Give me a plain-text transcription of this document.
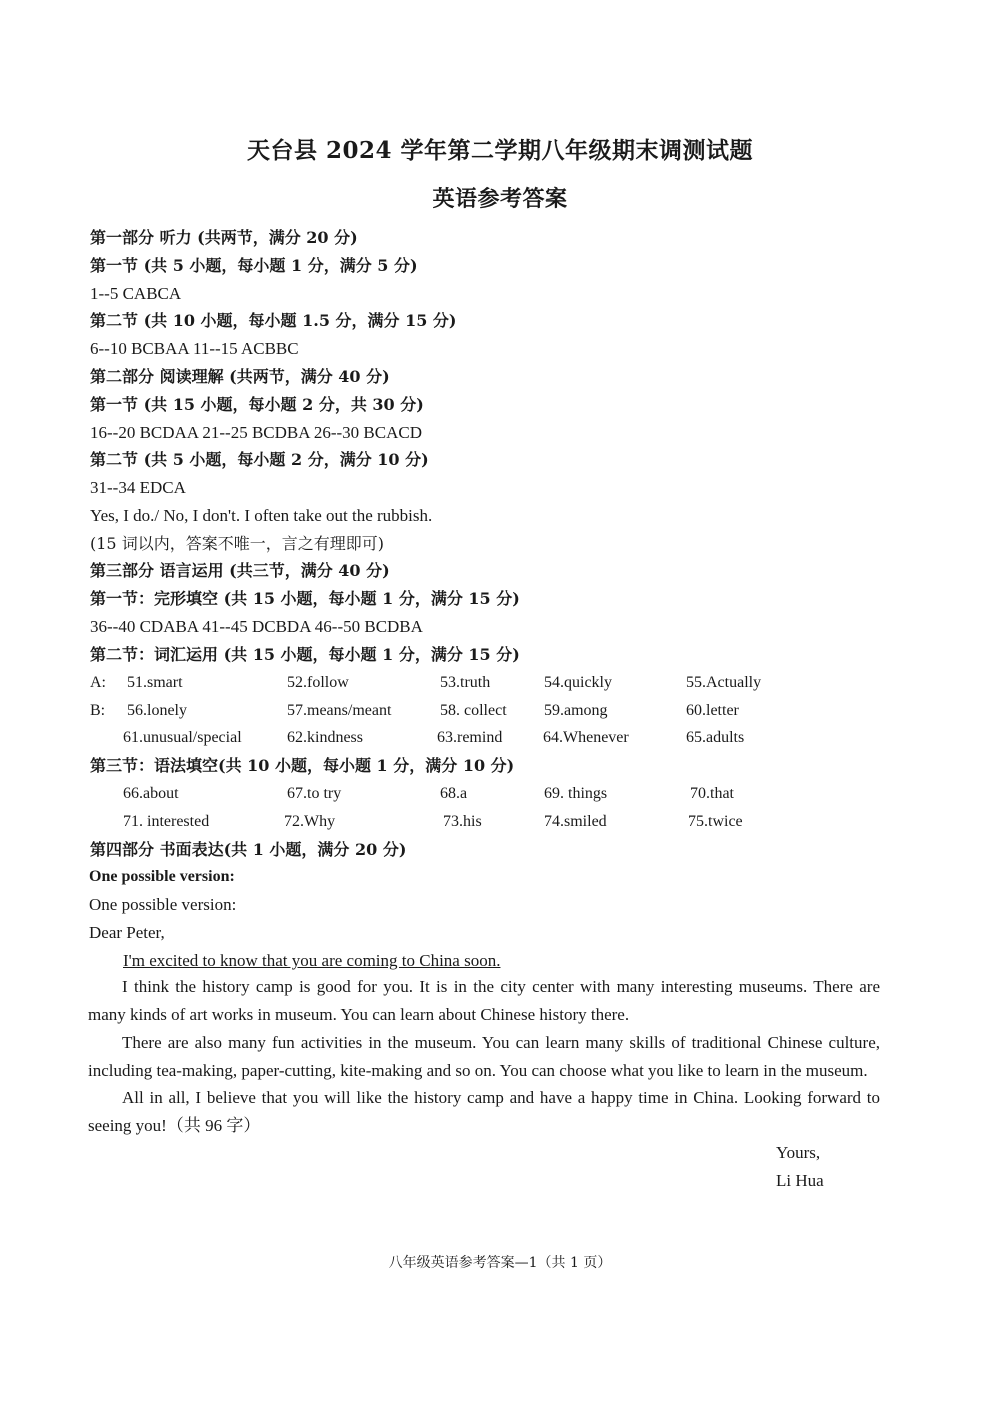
天台县 2024 学年第二学期八年级期末调测试题
英语参考答案
第一部分 听力 (共两节，满分 20 分)
第一节 (共 5 小题，每小题 1 分，满分 5 分)
1--5 CABCA
第二节 (共 10 小题，每小题 1.5 分，满分 15 分)
6--10 BCBAA 11--15 ACBBC
第二部分 阅读理解 (共两节，满分 40 分)
第一节 (共 15 小题，每小题 2 分，共 30 分)
16--20 BCDAA 21--25 BCDBA 26--30 BCACD
第二节 (共 5 小题，每小题 2 分，满分 10 分)
31--34 EDCA
Yes, I do./ No, I don't. I often take out the rubbish.
(15 词以内，答案不唯一，言之有理即可)
第三部分 语言运用 (共三节，满分 40 分)
第一节：完形填空 (共 15 小题，每小题 1 分，满分 15 分)
36--40 CDABA 41--45 DCBDA 46--50 BCDBA
第二节：词汇运用 (共 15 小题，每小题 1 分，满分 15 分)
A: 51.smart	52.follow	53.truth	54.quickly	55.Actually
B: 56.lonely	57.means/meant	58. collect 59.among	60.letter
61.unusual/special	62.kindness	63.remind	64.Whenever	65.adults
第三节：语法填空(共 10 小题，每小题 1 分，满分 10 分)
66.about	67.to try	68.a	69. things	70.that
71. interested	72.Why	73.his	74.smiled	75.twice
第四部分 书面表达(共 1 小题，满分 20 分)
One possible version:
One possible version:
Dear Peter,
I'm excited to know that you are coming to China soon.
I think the history camp is good for you. It is in the city center with many interesting museums. There are many kinds of art works in museum. You can learn about Chinese history there.
There are also many fun activities in the museum. You can learn many skills of traditional Chinese culture, including tea-making, paper-cutting, kite-making and so on. You can choose what you like to learn in the museum.
All in all, I believe that you will like the history camp and have a happy time in China. Looking forward to seeing you!（共 96 字）
Yours,
Li Hua
八年级英语参考答案—1（共 1 页）
